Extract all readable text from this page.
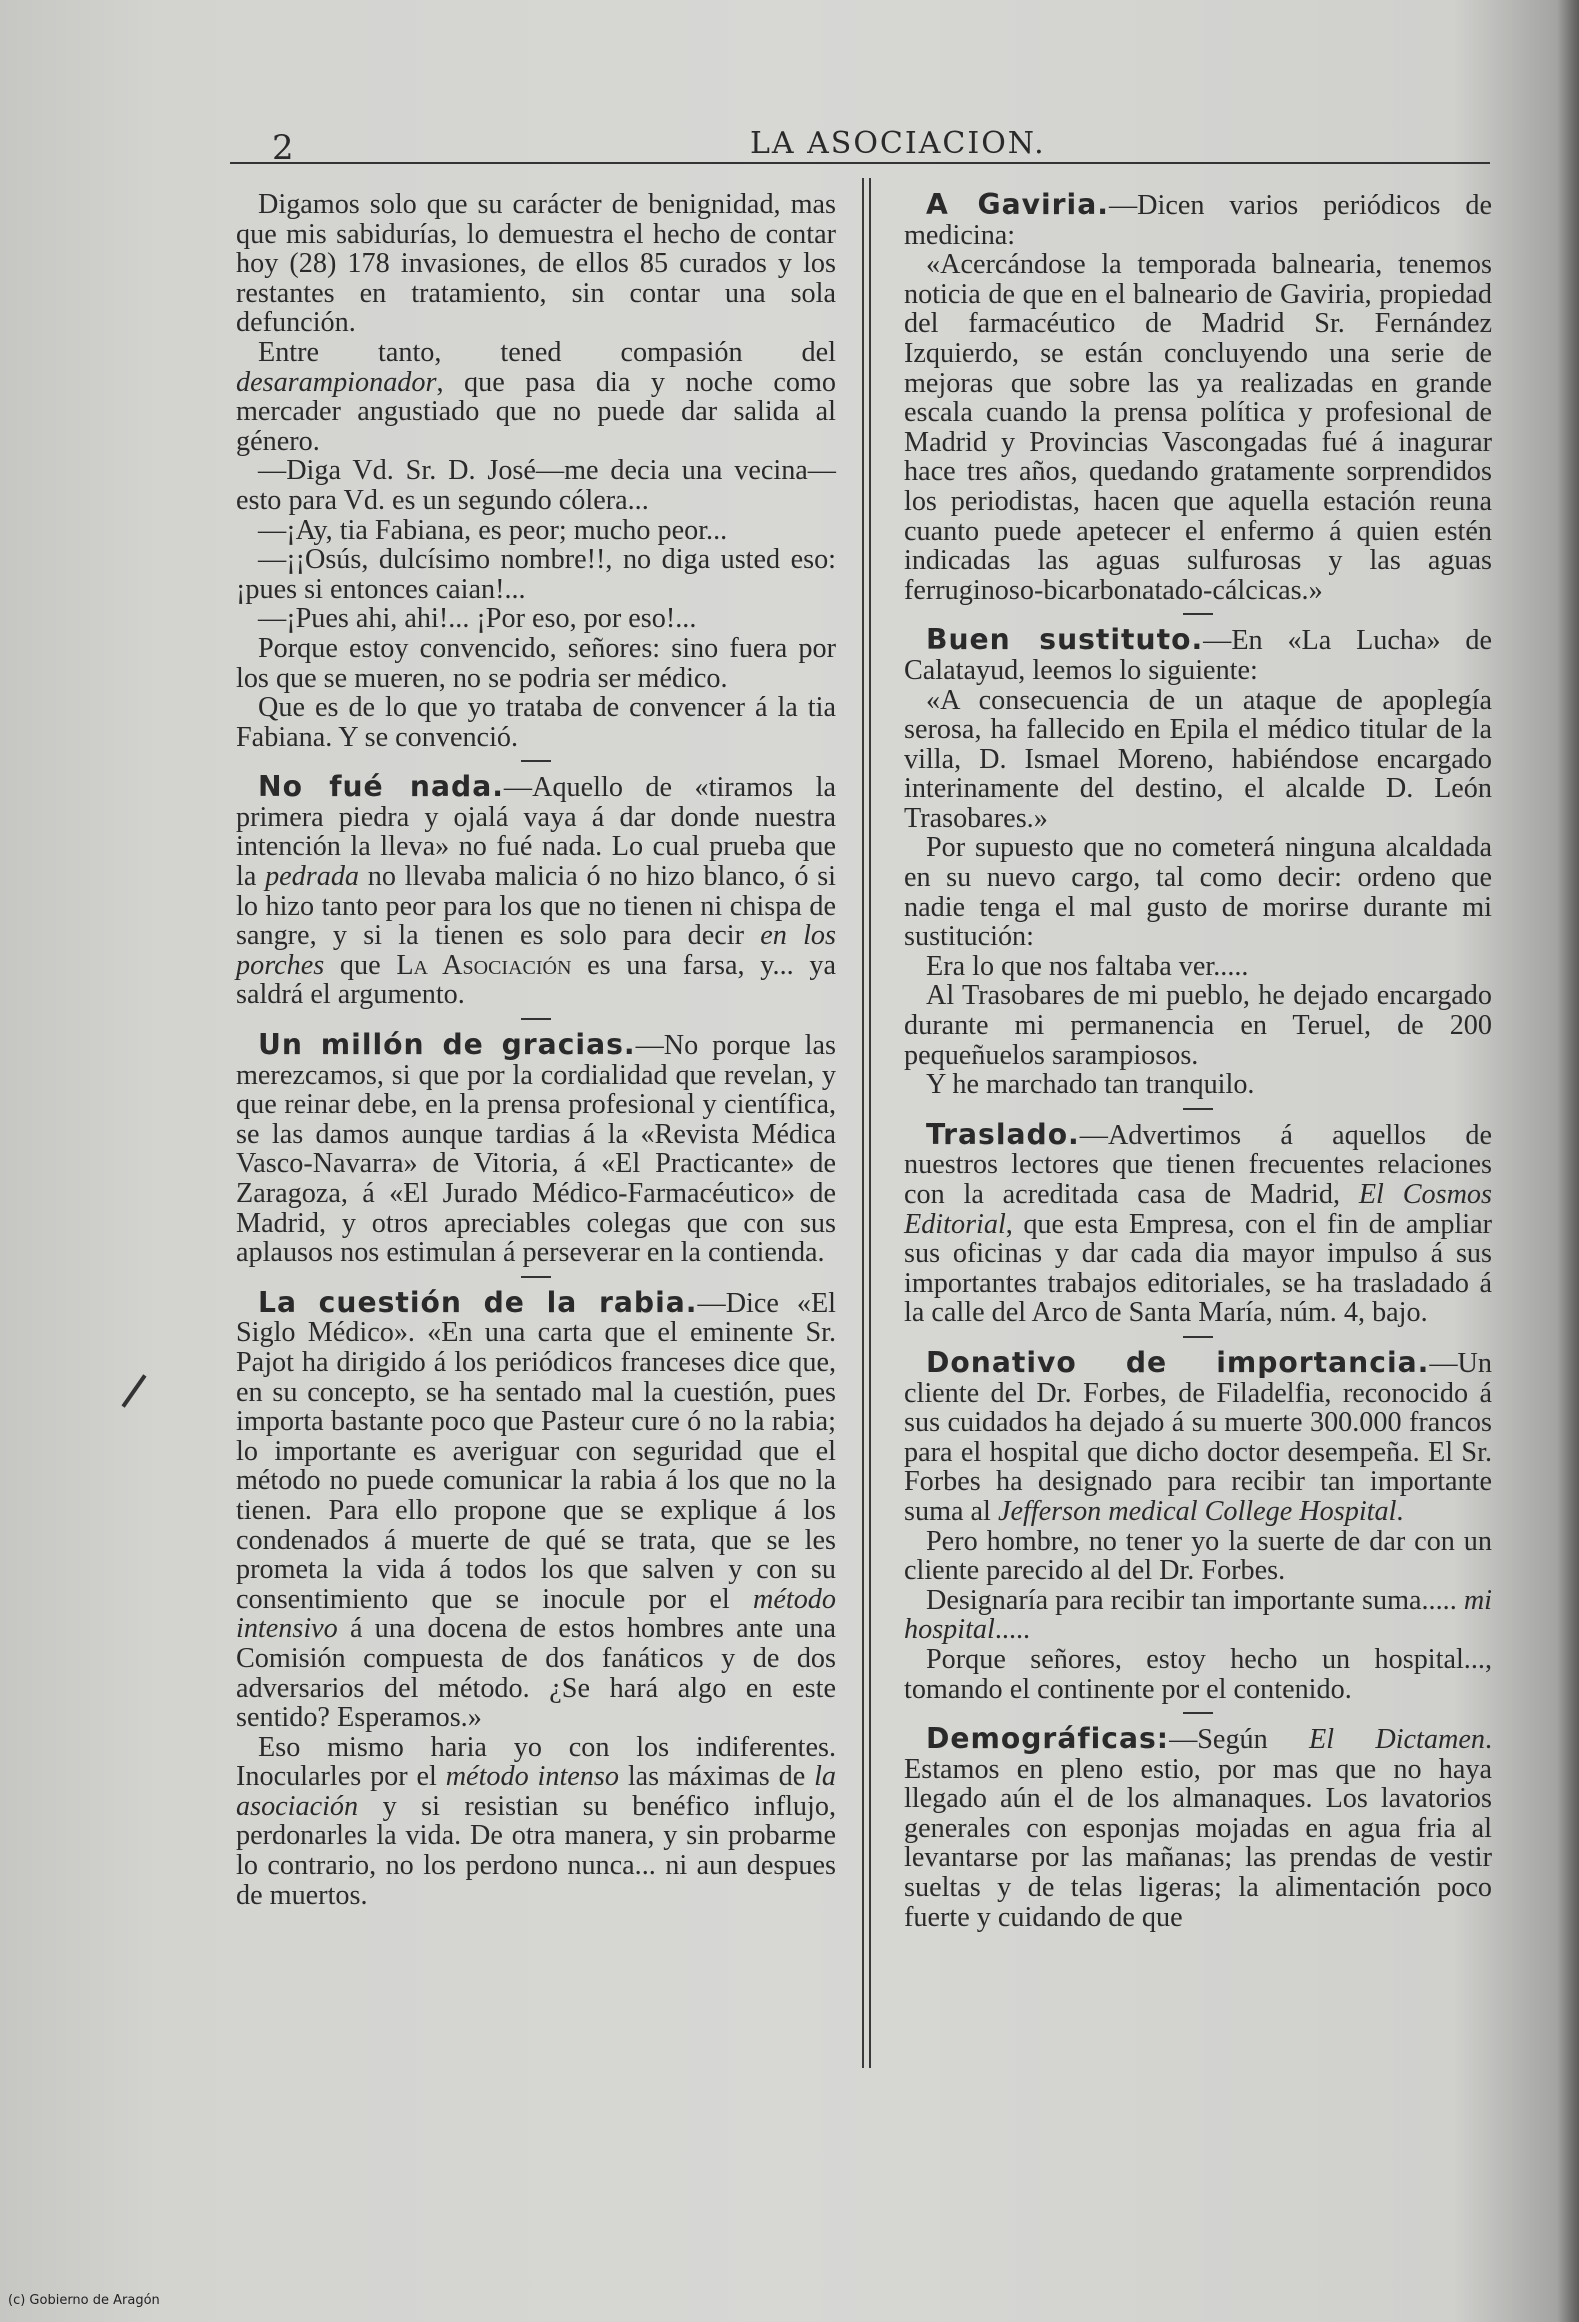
2	LA ASOCIACION.

Digamos solo que su carácter de benignidad, mas que mis sabidurías, lo demuestra el hecho de contar hoy (28) 178 invasiones, de ellos 85 curados y los restantes en tratamiento, sin contar una sola defunción.

Entre tanto, tened compasión del desarampionador, que pasa dia y noche como mercader angustiado que no puede dar salida al género.

—Diga Vd. Sr. D. José—me decia una vecina—esto para Vd. es un segundo cólera...

—¡Ay, tia Fabiana, es peor; mucho peor...

—¡¡Osús, dulcísimo nombre!!, no diga usted eso: ¡pues si entonces caian!...

—¡Pues ahi, ahi!... ¡Por eso, por eso!...

Porque estoy convencido, señores: sino fuera por los que se mueren, no se podria ser médico.

Que es de lo que yo trataba de convencer á la tia Fabiana. Y se convenció.

No fué nada.—Aquello de «tiramos la primera piedra y ojalá vaya á dar donde nuestra intención la lleva» no fué nada. Lo cual prueba que la pedrada no llevaba malicia ó no hizo blanco, ó si lo hizo tanto peor para los que no tienen ni chispa de sangre, y si la tienen es solo para decir en los porches que La Asociación es una farsa, y... ya saldrá el argumento.

Un millón de gracias.—No porque las merezcamos, si que por la cordialidad que revelan, y que reinar debe, en la prensa profesional y científica, se las damos aunque tardias á la «Revista Médica Vasco-Navarra» de Vitoria, á «El Practicante» de Zaragoza, á «El Jurado Médico-Farmacéutico» de Madrid, y otros apreciables colegas que con sus aplausos nos estimulan á perseverar en la contienda.

La cuestión de la rabia.—Dice «El Siglo Médico». «En una carta que el eminente Sr. Pajot ha dirigido á los periódicos franceses dice que, en su concepto, se ha sentado mal la cuestión, pues importa bastante poco que Pasteur cure ó no la rabia; lo importante es averiguar con seguridad que el método no puede comunicar la rabia á los que no la tienen. Para ello propone que se explique á los condenados á muerte de qué se trata, que se les prometa la vida á todos los que salven y con su consentimiento que se inocule por el método intensivo á una docena de estos hombres ante una Comisión compuesta de dos fanáticos y de dos adversarios del método. ¿Se hará algo en este sentido? Esperamos.»

Eso mismo haria yo con los indiferentes. Inocularles por el método intenso las máximas de la asociación y si resistian su benéfico influjo, perdonarles la vida. De otra manera, y sin probarme lo contrario, no los perdono nunca... ni aun despues de muertos.

A Gaviria.—Dicen varios periódicos de medicina:

«Acercándose la temporada balnearia, tenemos noticia de que en el balneario de Gaviria, propiedad del farmacéutico de Madrid Sr. Fernández Izquierdo, se están concluyendo una serie de mejoras que sobre las ya realizadas en grande escala cuando la prensa política y profesional de Madrid y Provincias Vascongadas fué á inagurar hace tres años, quedando gratamente sorprendidos los periodistas, hacen que aquella estación reuna cuanto puede apetecer el enfermo á quien estén indicadas las aguas sulfurosas y las aguas ferruginoso-bicarbonatado-cálcicas.»

Buen sustituto.—En «La Lucha» de Calatayud, leemos lo siguiente:

«A consecuencia de un ataque de apoplegía serosa, ha fallecido en Epila el médico titular de la villa, D. Ismael Moreno, habiéndose encargado interinamente del destino, el alcalde D. León Trasobares.»

Por supuesto que no cometerá ninguna alcaldada en su nuevo cargo, tal como decir: ordeno que nadie tenga el mal gusto de morirse durante mi sustitución:

Era lo que nos faltaba ver.....

Al Trasobares de mi pueblo, he dejado encargado durante mi permanencia en Teruel, de 200 pequeñuelos sarampiosos.

Y he marchado tan tranquilo.

Traslado.—Advertimos á aquellos de nuestros lectores que tienen frecuentes relaciones con la acreditada casa de Madrid, El Cosmos Editorial, que esta Empresa, con el fin de ampliar sus oficinas y dar cada dia mayor impulso á sus importantes trabajos editoriales, se ha trasladado á la calle del Arco de Santa María, núm. 4, bajo.

Donativo de importancia.—Un cliente del Dr. Forbes, de Filadelfia, reconocido á sus cuidados ha dejado á su muerte 300.000 francos para el hospital que dicho doctor desempeña. El Sr. Forbes ha designado para recibir tan importante suma al Jefferson medical College Hospital.

Pero hombre, no tener yo la suerte de dar con un cliente parecido al del Dr. Forbes.

Designaría para recibir tan importante suma..... mi hospital.....

Porque señores, estoy hecho un hospital..., tomando el continente por el contenido.

Demográficas:—Según El Dictamen. Estamos en pleno estio, por mas que no haya llegado aún el de los almanaques. Los lavatorios generales con esponjas mojadas en agua fria al levantarse por las mañanas; las prendas de vestir sueltas y de telas ligeras; la alimentación poco fuerte y cuidando de que

(c) Gobierno de Aragón
